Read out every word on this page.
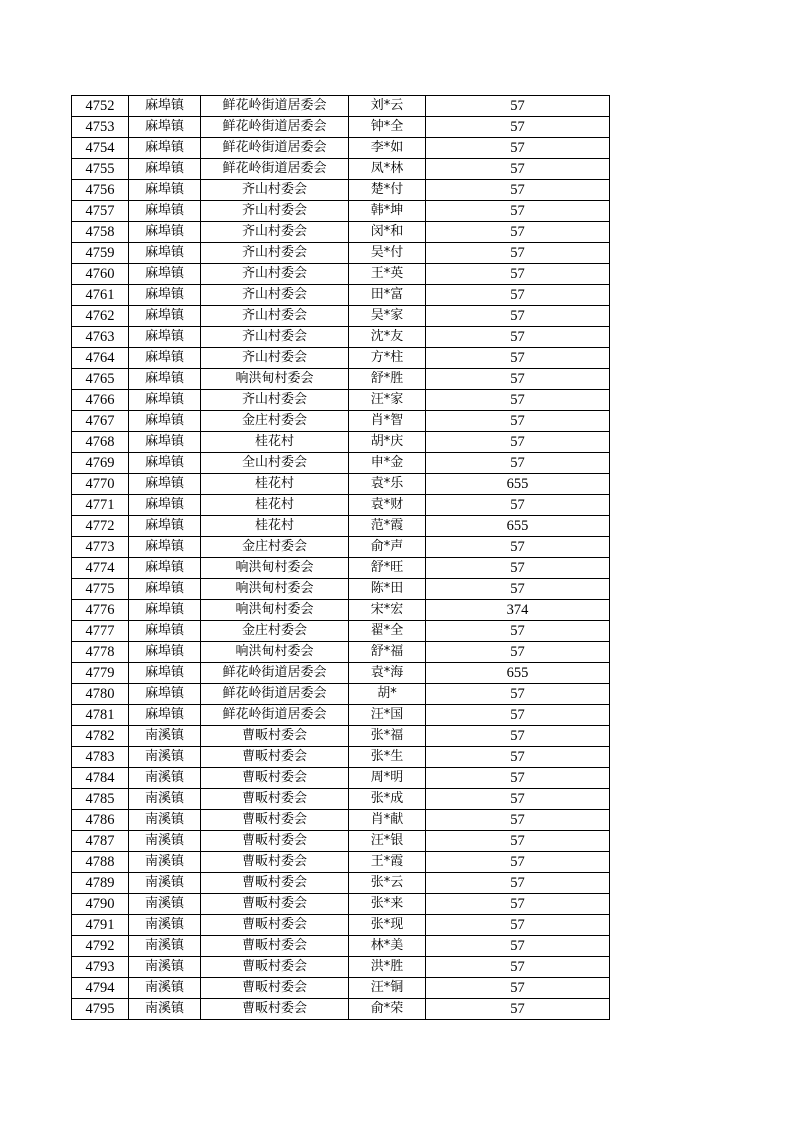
4752	麻埠镇	鲜花岭街道居委会	刘*云	57
4753	麻埠镇	鲜花岭街道居委会	钟*全	57
4754	麻埠镇	鲜花岭街道居委会	李*如	57
4755	麻埠镇	鲜花岭街道居委会	凤*林	57
4756	麻埠镇	齐山村委会	楚*付	57
4757	麻埠镇	齐山村委会	韩*坤	57
4758	麻埠镇	齐山村委会	闵*和	57
4759	麻埠镇	齐山村委会	吴*付	57
4760	麻埠镇	齐山村委会	王*英	57
4761	麻埠镇	齐山村委会	田*富	57
4762	麻埠镇	齐山村委会	吴*家	57
4763	麻埠镇	齐山村委会	沈*友	57
4764	麻埠镇	齐山村委会	方*柱	57
4765	麻埠镇	响洪甸村委会	舒*胜	57
4766	麻埠镇	齐山村委会	汪*家	57
4767	麻埠镇	金庄村委会	肖*智	57
4768	麻埠镇	桂花村	胡*庆	57
4769	麻埠镇	全山村委会	申*金	57
4770	麻埠镇	桂花村	袁*乐	655
4771	麻埠镇	桂花村	袁*财	57
4772	麻埠镇	桂花村	范*霞	655
4773	麻埠镇	金庄村委会	俞*声	57
4774	麻埠镇	响洪甸村委会	舒*旺	57
4775	麻埠镇	响洪甸村委会	陈*田	57
4776	麻埠镇	响洪甸村委会	宋*宏	374
4777	麻埠镇	金庄村委会	翟*全	57
4778	麻埠镇	响洪甸村委会	舒*福	57
4779	麻埠镇	鲜花岭街道居委会	袁*海	655
4780	麻埠镇	鲜花岭街道居委会	胡*	57
4781	麻埠镇	鲜花岭街道居委会	汪*国	57
4782	南溪镇	曹畈村委会	张*福	57
4783	南溪镇	曹畈村委会	张*生	57
4784	南溪镇	曹畈村委会	周*明	57
4785	南溪镇	曹畈村委会	张*成	57
4786	南溪镇	曹畈村委会	肖*献	57
4787	南溪镇	曹畈村委会	汪*银	57
4788	南溪镇	曹畈村委会	王*霞	57
4789	南溪镇	曹畈村委会	张*云	57
4790	南溪镇	曹畈村委会	张*来	57
4791	南溪镇	曹畈村委会	张*现	57
4792	南溪镇	曹畈村委会	林*美	57
4793	南溪镇	曹畈村委会	洪*胜	57
4794	南溪镇	曹畈村委会	汪*铜	57
4795	南溪镇	曹畈村委会	俞*荣	57
